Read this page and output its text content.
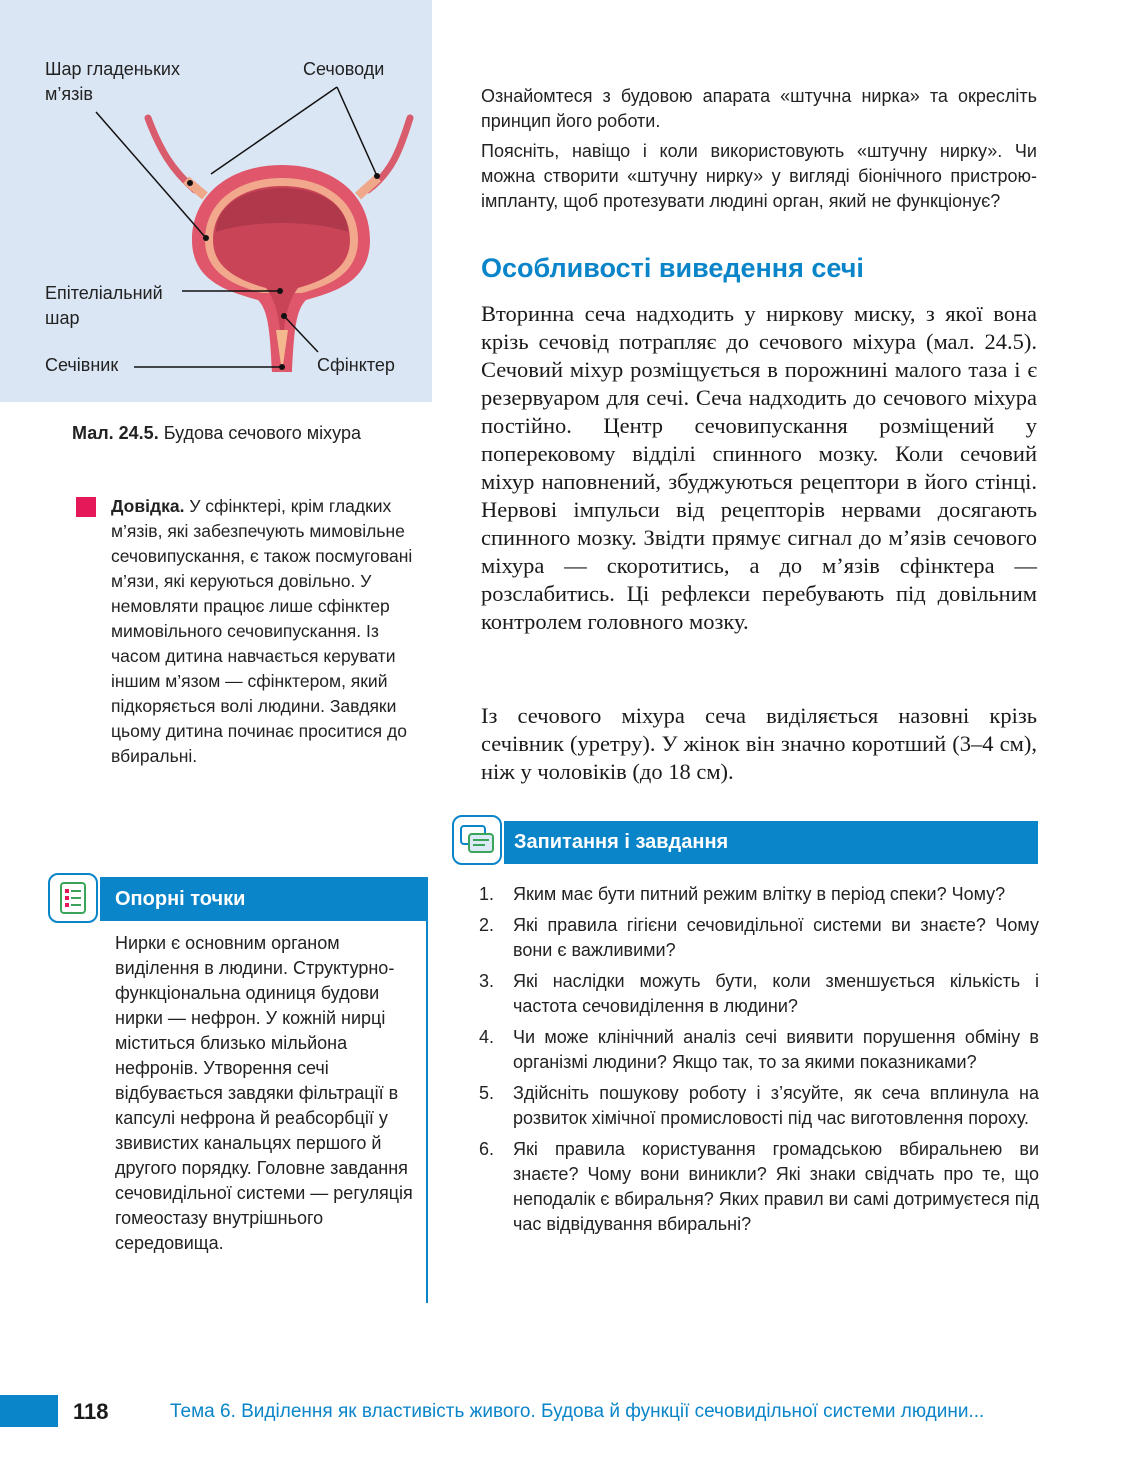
Шар гладеньких м’язів
Сечоводи
Епітеліальний шар
Сечівник	Сфінктер
Мал. 24.5. Будова сечового міхура
Довідка. У сфінктері, крім гладких м’язів, які забезпечують мимовільне сечовипускання, є також посмуговані м’язи, які керуються довільно. У немовляти працює лише сфінктер мимовільного сечовипускання. Із часом дитина навчається керувати іншим м’язом — сфінктером, який підкоряється волі людини. Завдяки цьому дитина починає проситися до вбиральні.
Опорні точки
Нирки є основним органом виділення в людини. Структурно-функціональна одиниця будови нирки — нефрон. У кожній нирці міститься близько мільйона нефронів. Утворення сечі відбувається завдяки фільтрації в капсулі нефрона й реабсорбції у звивистих канальцях першого й другого порядку. Головне завдання сечовидільної системи — регуляція гомеостазу внутрішнього середовища.
Ознайомтеся з будовою апарата «штучна нирка» та окресліть принцип його роботи.
Поясніть, навіщо і коли використовують «штучну нирку». Чи можна створити «штучну нирку» у вигляді біонічного пристрою-імпланту, щоб протезувати людині орган, який не функціонує?
Особливості виведення сечі
Вторинна сеча надходить у ниркову миску, з якої вона крізь сечовід потрапляє до сечового міхура (мал. 24.5). Сечовий міхур розміщується в порожнині малого таза і є резервуаром для сечі. Сеча надходить до сечового міхура постійно. Центр сечовипускання розміщений у поперековому відділі спинного мозку. Коли сечовий міхур наповнений, збуджуються рецептори в його стінці. Нервові імпульси від рецепторів нервами досягають спинного мозку. Звідти прямує сигнал до м’язів сечового міхура — скоротитись, а до м’язів сфінктера — розслабитись. Ці рефлекси перебувають під довільним контролем головного мозку.
Із сечового міхура сеча виділяється назовні крізь сечівник (уретру). У жінок він значно коротший (3–4 см), ніж у чоловіків (до 18 см).
Запитання і завдання
1. Яким має бути питний режим влітку в період спеки? Чому?
2. Які правила гігієни сечовидільної системи ви знаєте? Чому вони є важливими?
3. Які наслідки можуть бути, коли зменшується кількість і частота сечовиділення в людини?
4. Чи може клінічний аналіз сечі виявити порушення обміну в організмі людини? Якщо так, то за якими показниками?
5. Здійсніть пошукову роботу і з’ясуйте, як сеча вплинула на розвиток хімічної промисловості під час виготовлення пороху.
6. Які правила користування громадською вбиральнею ви знаєте? Чому вони виникли? Які знаки свідчать про те, що неподалік є вбиральня? Яких правил ви самі дотримуєтеся під час відвідування вбиральні?
118	Тема 6. Виділення як властивість живого. Будова й функції сечовидільної системи людини...
